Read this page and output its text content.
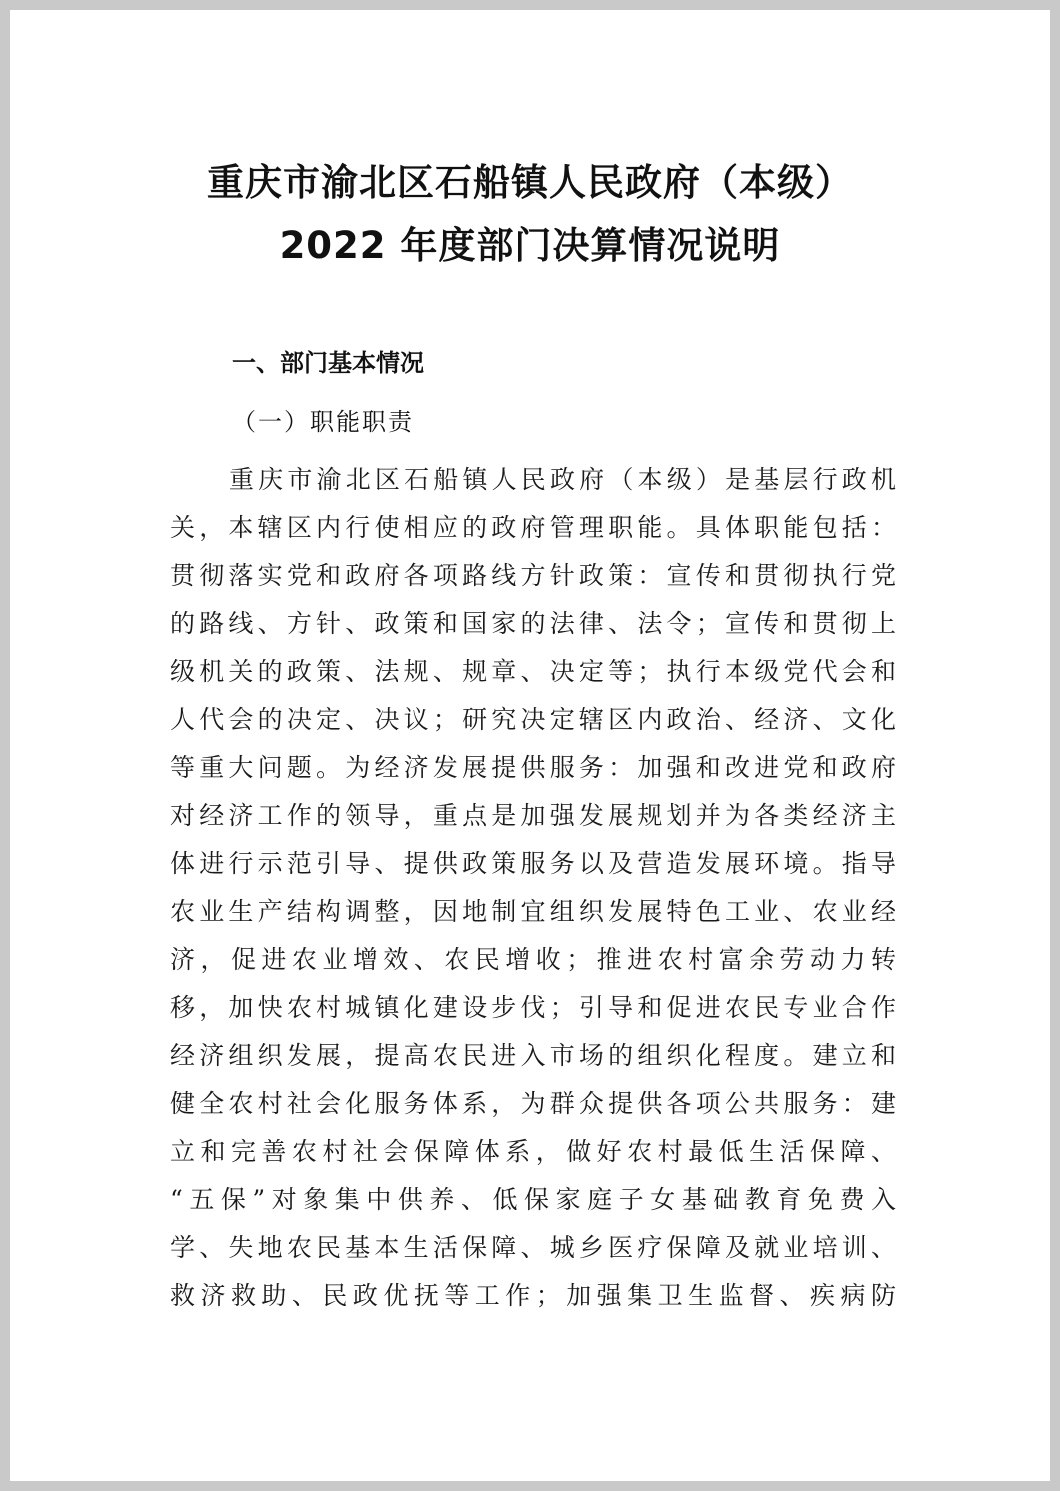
重庆市渝北区石船镇人民政府（本级）
2022 年度部门决算情况说明
一、部门基本情况
（一）职能职责
重庆市渝北区石船镇人民政府（本级）是基层行政机
关，本辖区内行使相应的政府管理职能。具体职能包括：
贯彻落实党和政府各项路线方针政策：宣传和贯彻执行党
的路线、方针、政策和国家的法律、法令；宣传和贯彻上
级机关的政策、法规、规章、决定等；执行本级党代会和
人代会的决定、决议；研究决定辖区内政治、经济、文化
等重大问题。为经济发展提供服务：加强和改进党和政府
对经济工作的领导，重点是加强发展规划并为各类经济主
体进行示范引导、提供政策服务以及营造发展环境。指导
农业生产结构调整，因地制宜组织发展特色工业、农业经
济，促进农业增效、农民增收；推进农村富余劳动力转
移，加快农村城镇化建设步伐；引导和促进农民专业合作
经济组织发展，提高农民进入市场的组织化程度。建立和
健全农村社会化服务体系，为群众提供各项公共服务：建
立和完善农村社会保障体系，做好农村最低生活保障、
“五保”对象集中供养、低保家庭子女基础教育免费入
学、失地农民基本生活保障、城乡医疗保障及就业培训、
救济救助、民政优抚等工作；加强集卫生监督、疾病防
